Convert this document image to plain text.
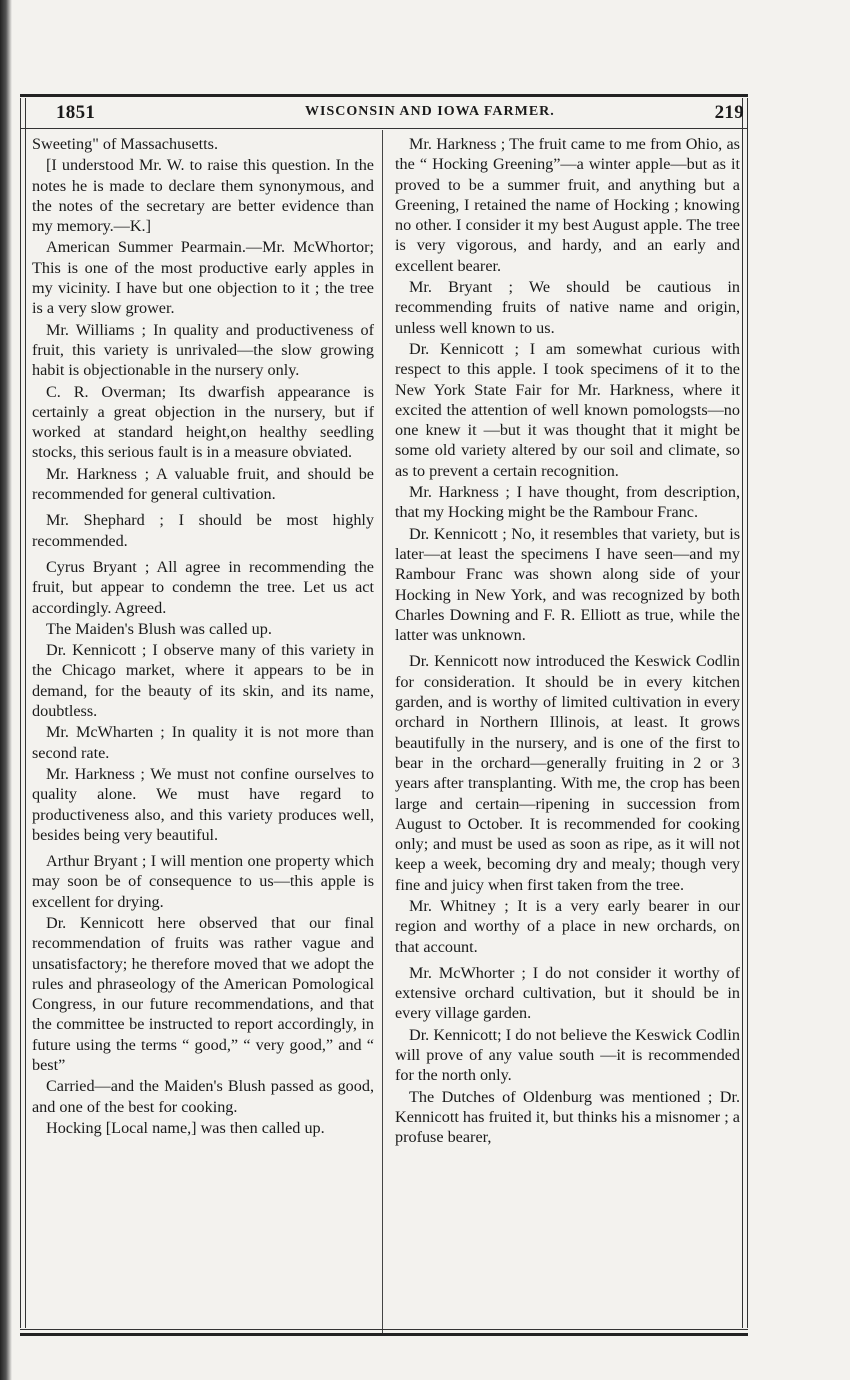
1851	WISCONSIN AND IOWA FARMER.	219

Sweeting" of Massachusetts.

[I understood Mr. W. to raise this question. In the notes he is made to declare them synonymous, and the notes of the secretary are better evidence than my memory.—K.]

American Summer Pearmain.—Mr. McWhortor; This is one of the most productive early apples in my vicinity. I have but one objection to it ; the tree is a very slow grower.

Mr. Williams ; In quality and productiveness of fruit, this variety is unrivaled—the slow growing habit is objectionable in the nursery only.

C. R. Overman; Its dwarfish appearance is certainly a great objection in the nursery, but if worked at standard height,on healthy seedling stocks, this serious fault is in a measure obviated.

Mr. Harkness ; A valuable fruit, and should be recommended for general cultivation.

Mr. Shephard ; I should be most highly recommended.

Cyrus Bryant ; All agree in recommending the fruit, but appear to condemn the tree. Let us act accordingly. Agreed.

The Maiden's Blush was called up.

Dr. Kennicott ; I observe many of this variety in the Chicago market, where it appears to be in demand, for the beauty of its skin, and its name, doubtless.

Mr. McWharten ; In quality it is not more than second rate.

Mr. Harkness ; We must not confine ourselves to quality alone. We must have regard to productiveness also, and this variety produces well, besides being very beautiful.

Arthur Bryant ; I will mention one property which may soon be of consequence to us—this apple is excellent for drying.

Dr. Kennicott here observed that our final recommendation of fruits was rather vague and unsatisfactory; he therefore moved that we adopt the rules and phraseology of the American Pomological Congress, in our future recommendations, and that the committee be instructed to report accordingly, in future using the terms “ good,” “ very good,” and “ best”

Carried—and the Maiden's Blush passed as good, and one of the best for cooking.

Hocking [Local name,] was then called up.

Mr. Harkness ; The fruit came to me from Ohio, as the “ Hocking Greening”—a winter apple—but as it proved to be a summer fruit, and anything but a Greening, I retained the name of Hocking ; knowing no other. I consider it my best August apple. The tree is very vigorous, and hardy, and an early and excellent bearer.

Mr. Bryant ; We should be cautious in recommending fruits of native name and origin, unless well known to us.

Dr. Kennicott ; I am somewhat curious with respect to this apple. I took specimens of it to the New York State Fair for Mr. Harkness, where it excited the attention of well known pomologsts—no one knew it —but it was thought that it might be some old variety altered by our soil and climate, so as to prevent a certain recognition.

Mr. Harkness ; I have thought, from description, that my Hocking might be the Rambour Franc.

Dr. Kennicott ; No, it resembles that variety, but is later—at least the specimens I have seen—and my Rambour Franc was shown along side of your Hocking in New York, and was recognized by both Charles Downing and F. R. Elliott as true, while the latter was unknown.

Dr. Kennicott now introduced the Keswick Codlin for consideration. It should be in every kitchen garden, and is worthy of limited cultivation in every orchard in Northern Illinois, at least. It grows beautifully in the nursery, and is one of the first to bear in the orchard—generally fruiting in 2 or 3 years after transplanting. With me, the crop has been large and certain—ripening in succession from August to October. It is recommended for cooking only; and must be used as soon as ripe, as it will not keep a week, becoming dry and mealy; though very fine and juicy when first taken from the tree.

Mr. Whitney ; It is a very early bearer in our region and worthy of a place in new orchards, on that account.

Mr. McWhorter ; I do not consider it worthy of extensive orchard cultivation, but it should be in every village garden.

Dr. Kennicott; I do not believe the Keswick Codlin will prove of any value south —it is recommended for the north only.

The Dutches of Oldenburg was mentioned ; Dr. Kennicott has fruited it, but thinks his a misnomer ; a profuse bearer,
